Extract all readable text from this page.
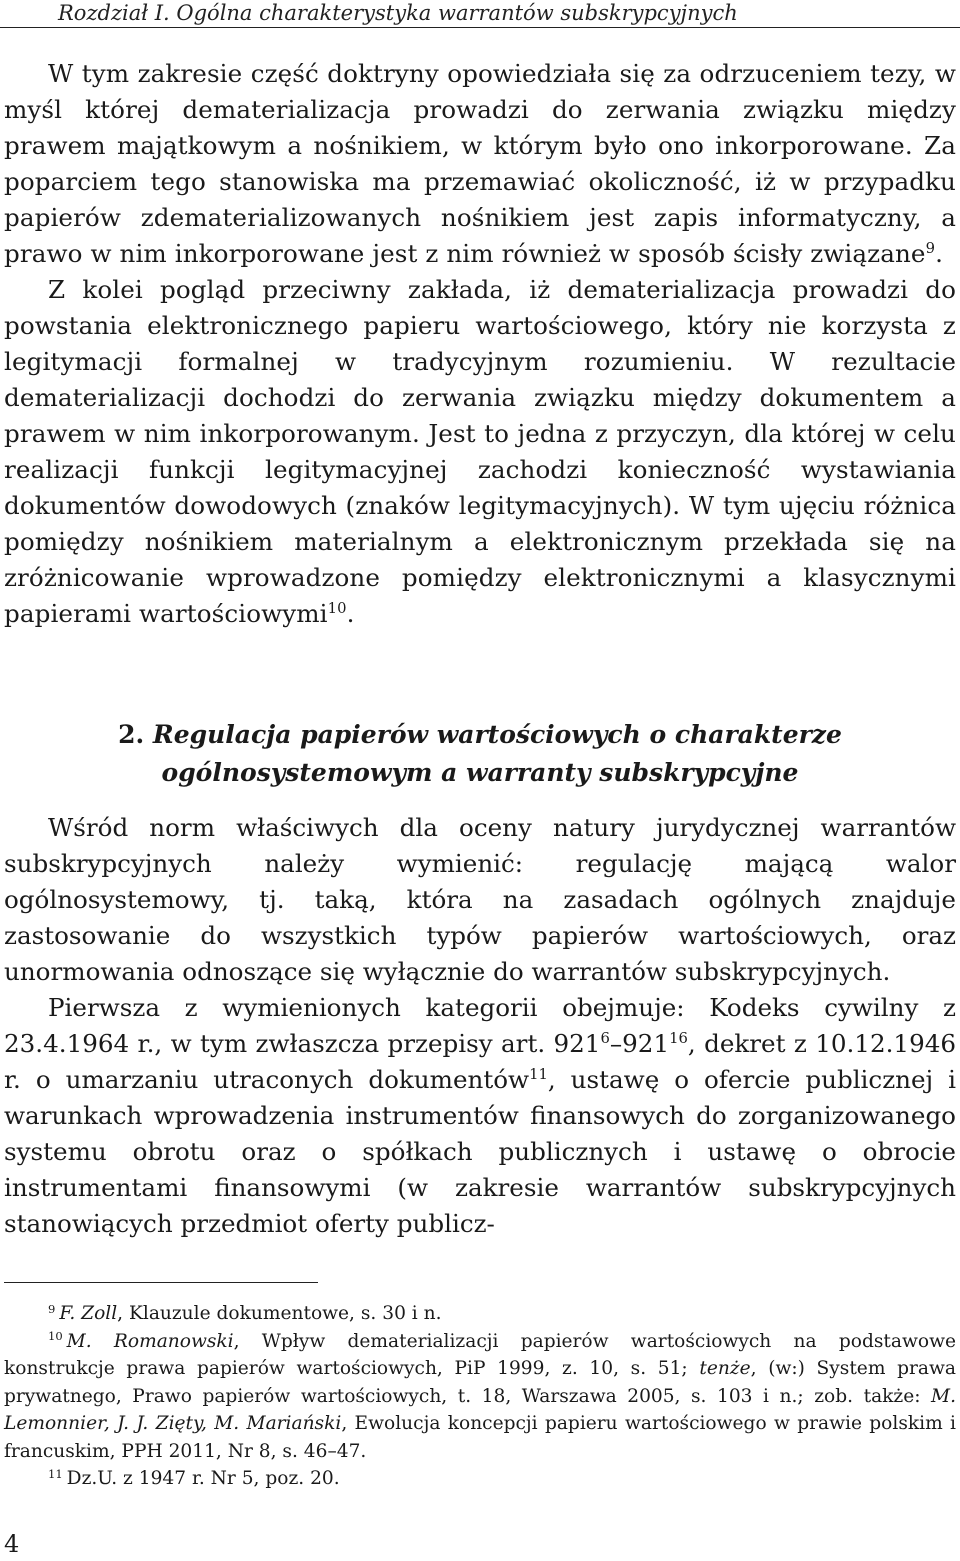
Rozdział I. Ogólna charakterystyka warrantów subskrypcyjnych

W tym zakresie część doktryny opowiedziała się za odrzuceniem tezy, w myśl której dematerializacja prowadzi do zerwania związku między prawem majątkowym a nośnikiem, w którym było ono inkorporowane. Za poparciem tego stanowiska ma przemawiać okoliczność, iż w przypadku papierów zdematerializowanych nośnikiem jest zapis informatyczny, a prawo w nim inkorporowane jest z nim również w sposób ścisły związane$^9$.

Z kolei pogląd przeciwny zakłada, iż dematerializacja prowadzi do powstania elektronicznego papieru wartościowego, który nie korzysta z legitymacji formalnej w tradycyjnym rozumieniu. W rezultacie dematerializacji dochodzi do zerwania związku między dokumentem a prawem w nim inkorporowanym. Jest to jedna z przyczyn, dla której w celu realizacji funkcji legitymacyjnej zachodzi konieczność wystawiania dokumentów dowodowych (znaków legitymacyjnych). W tym ujęciu różnica pomiędzy nośnikiem materialnym a elektronicznym przekłada się na zróżnicowanie wprowadzone pomiędzy elektronicznymi a klasycznymi papierami wartościowymi$^{10}$.

2. Regulacja papierów wartościowych o charakterze
ogólnosystemowym a warranty subskrypcyjne

Wśród norm właściwych dla oceny natury jurydycznej warrantów subskrypcyjnych należy wymienić: regulację mającą walor ogólnosystemowy, tj. taką, która na zasadach ogólnych znajduje zastosowanie do wszystkich typów papierów wartościowych, oraz unormowania odnoszące się wyłącznie do warrantów subskrypcyjnych.

Pierwsza z wymienionych kategorii obejmuje: Kodeks cywilny z 23.4.1964 r., w tym zwłaszcza przepisy art. $921^6-921^{16}$, dekret z 10.12.1946 r. o umarzaniu utraconych dokumentów$^{11}$, ustawę o ofercie publicznej i warunkach wprowadzenia instrumentów finansowych do zorganizowanego systemu obrotu oraz o spółkach publicznych i ustawę o obrocie instrumentami finansowymi (w zakresie warrantów subskrypcyjnych stanowiących przedmiot oferty publicz-

$^9$ F. Zoll, Klauzule dokumentowe, s. 30 i n.

$^{10}$ M. Romanowski, Wpływ dematerializacji papierów wartościowych na podstawowe konstrukcje prawa papierów wartościowych, PiP 1999, z. 10, s. 51; tenże, (w:) System prawa prywatnego, Prawo papierów wartościowych, t. 18, Warszawa 2005, s. 103 i n.; zob. także: M. Lemonnier, J. J. Zięty, M. Mariański, Ewolucja koncepcji papieru wartościowego w prawie polskim i francuskim, PPH 2011, Nr 8, s. 46–47.

$^{11}$ Dz.U. z 1947 r. Nr 5, poz. 20.

4
